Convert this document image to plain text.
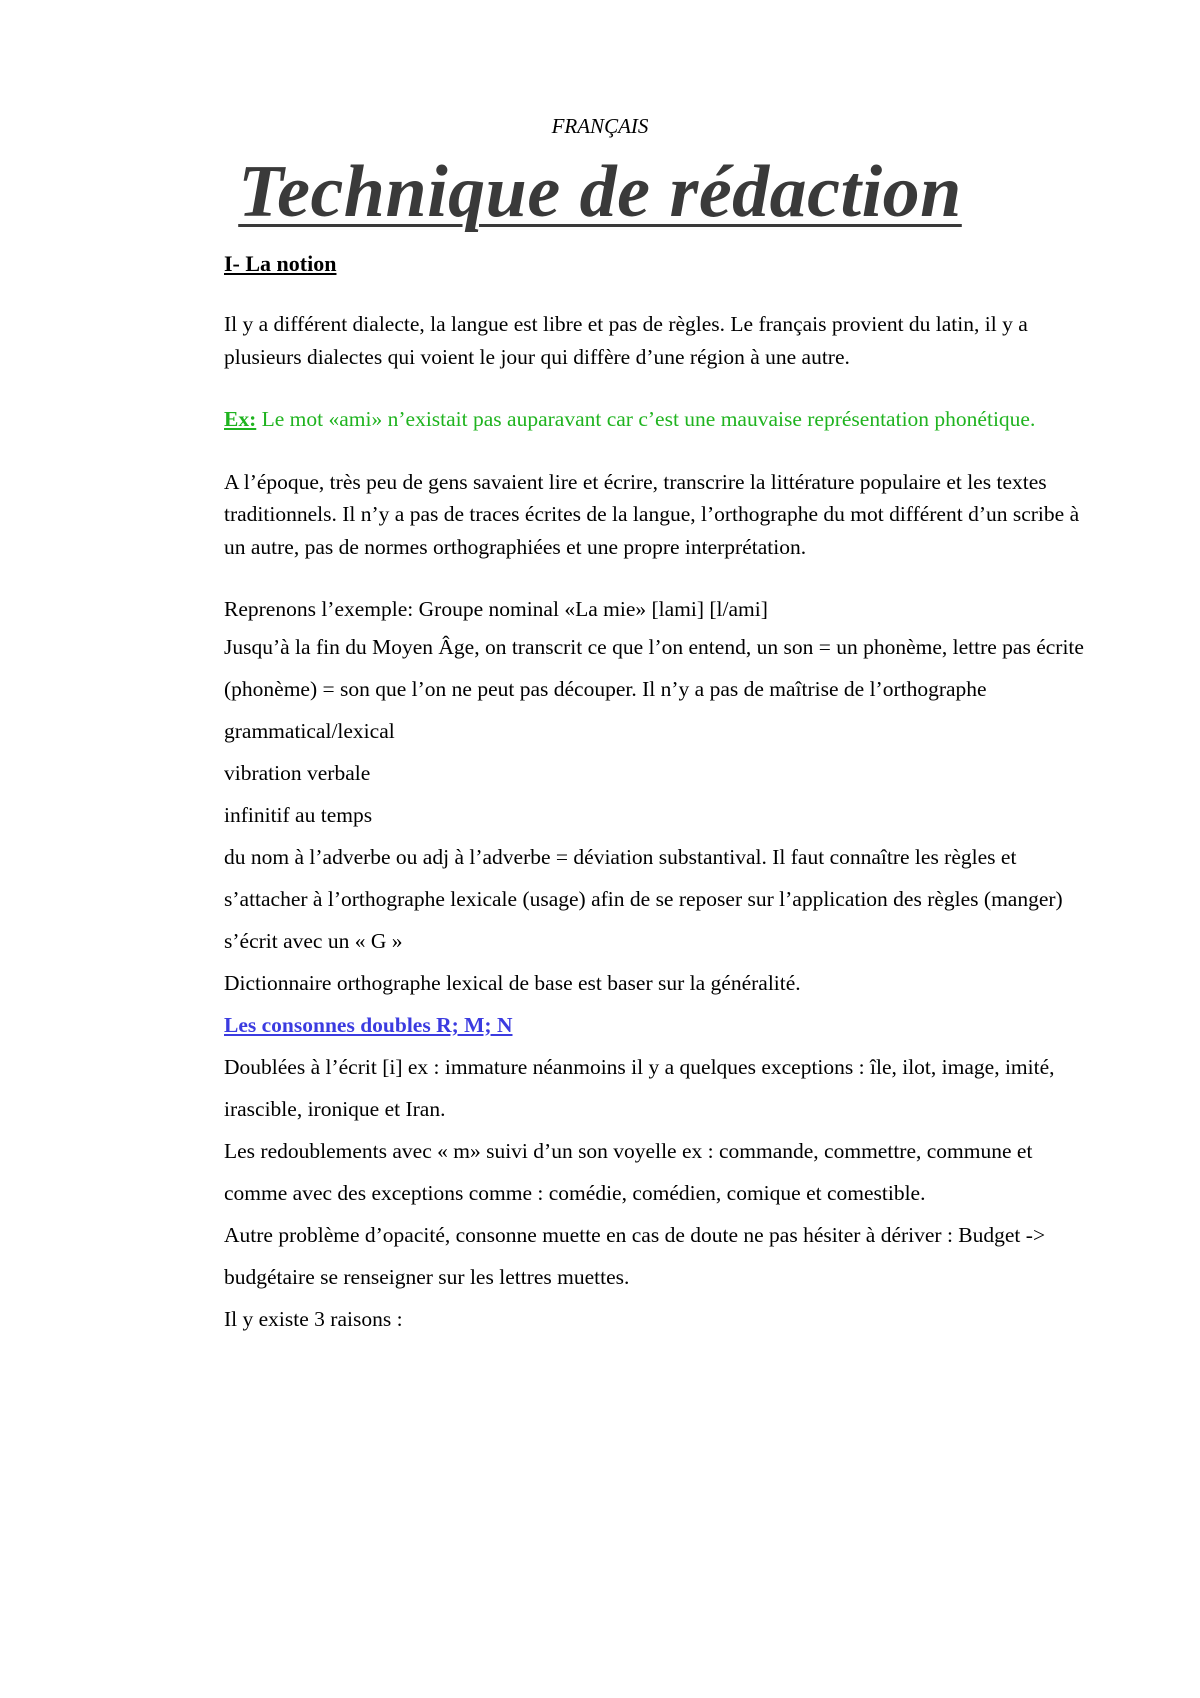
FRANÇAIS
Technique de rédaction

I- La notion

Il y a différent dialecte, la langue est libre et pas de règles. Le français provient du latin, il y a plusieurs dialectes qui voient le jour qui diffère d’une région à une autre.

Ex: Le mot «ami» n’existait pas auparavant car c’est une mauvaise représentation phonétique.

A l’époque, très peu de gens savaient lire et écrire, transcrire la littérature populaire et les textes traditionnels. Il n’y a pas de traces écrites de la langue, l’orthographe du mot différent d’un scribe à un autre, pas de normes orthographiées et une propre interprétation.

Reprenons l’exemple: Groupe nominal «La mie» [lami] [l/ami]

Jusqu’à la fin du Moyen Âge, on transcrit ce que l’on entend, un son = un phonème, lettre pas écrite (phonème) = son que l’on ne peut pas découper. Il n’y a pas de maîtrise de l’orthographe grammatical/lexical

vibration verbale

infinitif au temps

du nom à l’adverbe ou adj à l’adverbe = déviation substantival. Il faut connaître les règles et s’attacher à l’orthographe lexicale (usage) afin de se reposer sur l’application des règles (manger) s’écrit avec un « G »

Dictionnaire orthographe lexical de base est baser sur la généralité.

Les consonnes doubles R; M; N

Doublées à l’écrit [i] ex : immature néanmoins il y a quelques exceptions : île, ilot, image, imité, irascible, ironique et Iran.

Les redoublements avec « m» suivi d’un son voyelle ex : commande, commettre, commune et comme avec des exceptions comme : comédie, comédien, comique et comestible.

Autre problème d’opacité, consonne muette en cas de doute ne pas hésiter à dériver : Budget -> budgétaire se renseigner sur les lettres muettes.

Il y existe 3 raisons :
